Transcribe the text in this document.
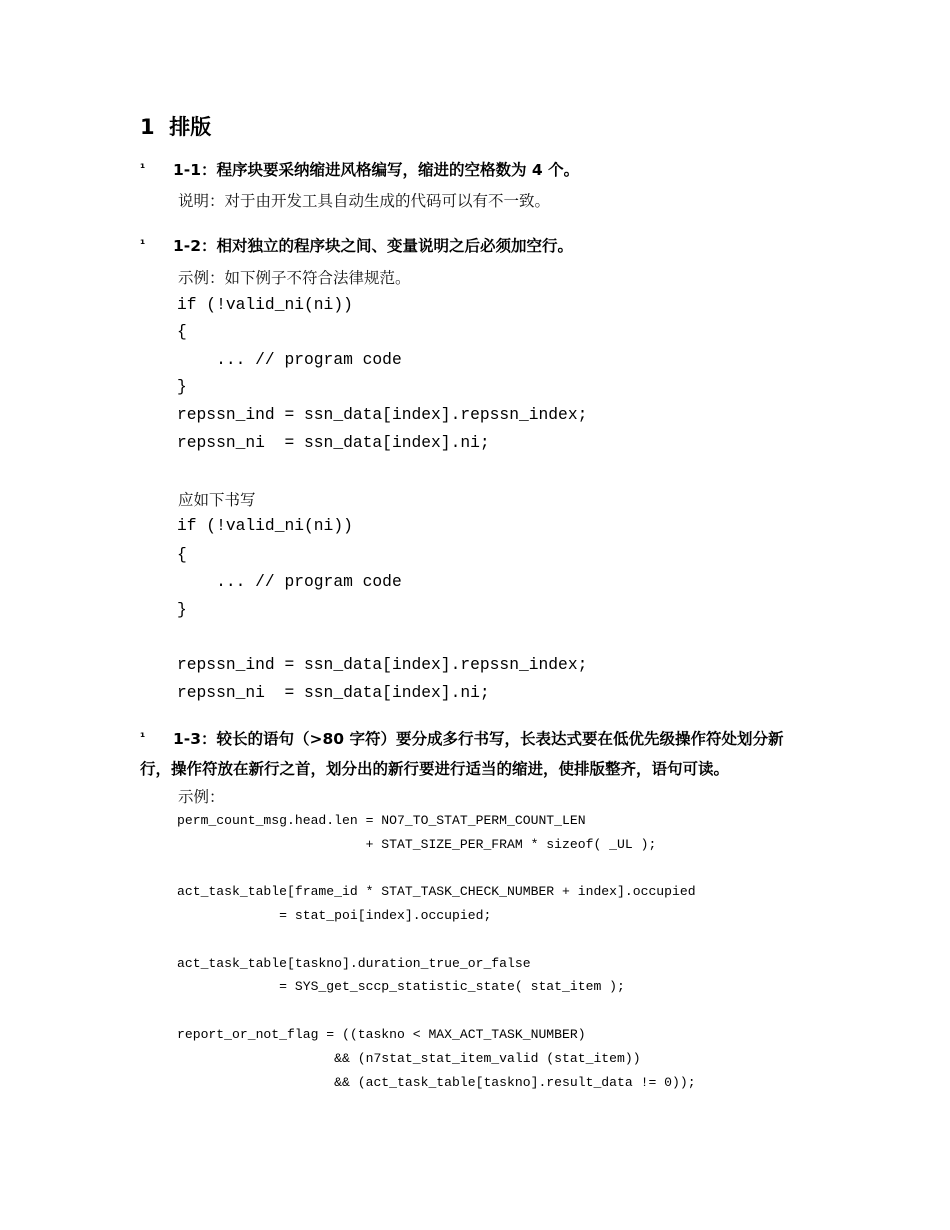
1 排版
¹ 1-1：程序块要采纳缩进风格编写，缩进的空格数为 4 个。
说明：对于由开发工具自动生成的代码可以有不一致。
¹ 1-2：相对独立的程序块之间、变量说明之后必须加空行。
示例：如下例子不符合法律规范。
if (!valid_ni(ni))
{
... // program code
}
repssn_ind = ssn_data[index].repssn_index;
repssn_ni  = ssn_data[index].ni;
应如下书写
if (!valid_ni(ni))
{
... // program code
}
repssn_ind = ssn_data[index].repssn_index;
repssn_ni  = ssn_data[index].ni;
¹ 1-3：较长的语句（>80 字符）要分成多行书写，长表达式要在低优先级操作符处划分新
行，操作符放在新行之首，划分出的新行要进行适当的缩进，使排版整齐，语句可读。
示例：
perm_count_msg.head.len = NO7_TO_STAT_PERM_COUNT_LEN
+ STAT_SIZE_PER_FRAM * sizeof( _UL );
act_task_table[frame_id * STAT_TASK_CHECK_NUMBER + index].occupied
= stat_poi[index].occupied;
act_task_table[taskno].duration_true_or_false
= SYS_get_sccp_statistic_state( stat_item );
report_or_not_flag = ((taskno < MAX_ACT_TASK_NUMBER)
&& (n7stat_stat_item_valid (stat_item))
&& (act_task_table[taskno].result_data != 0));
